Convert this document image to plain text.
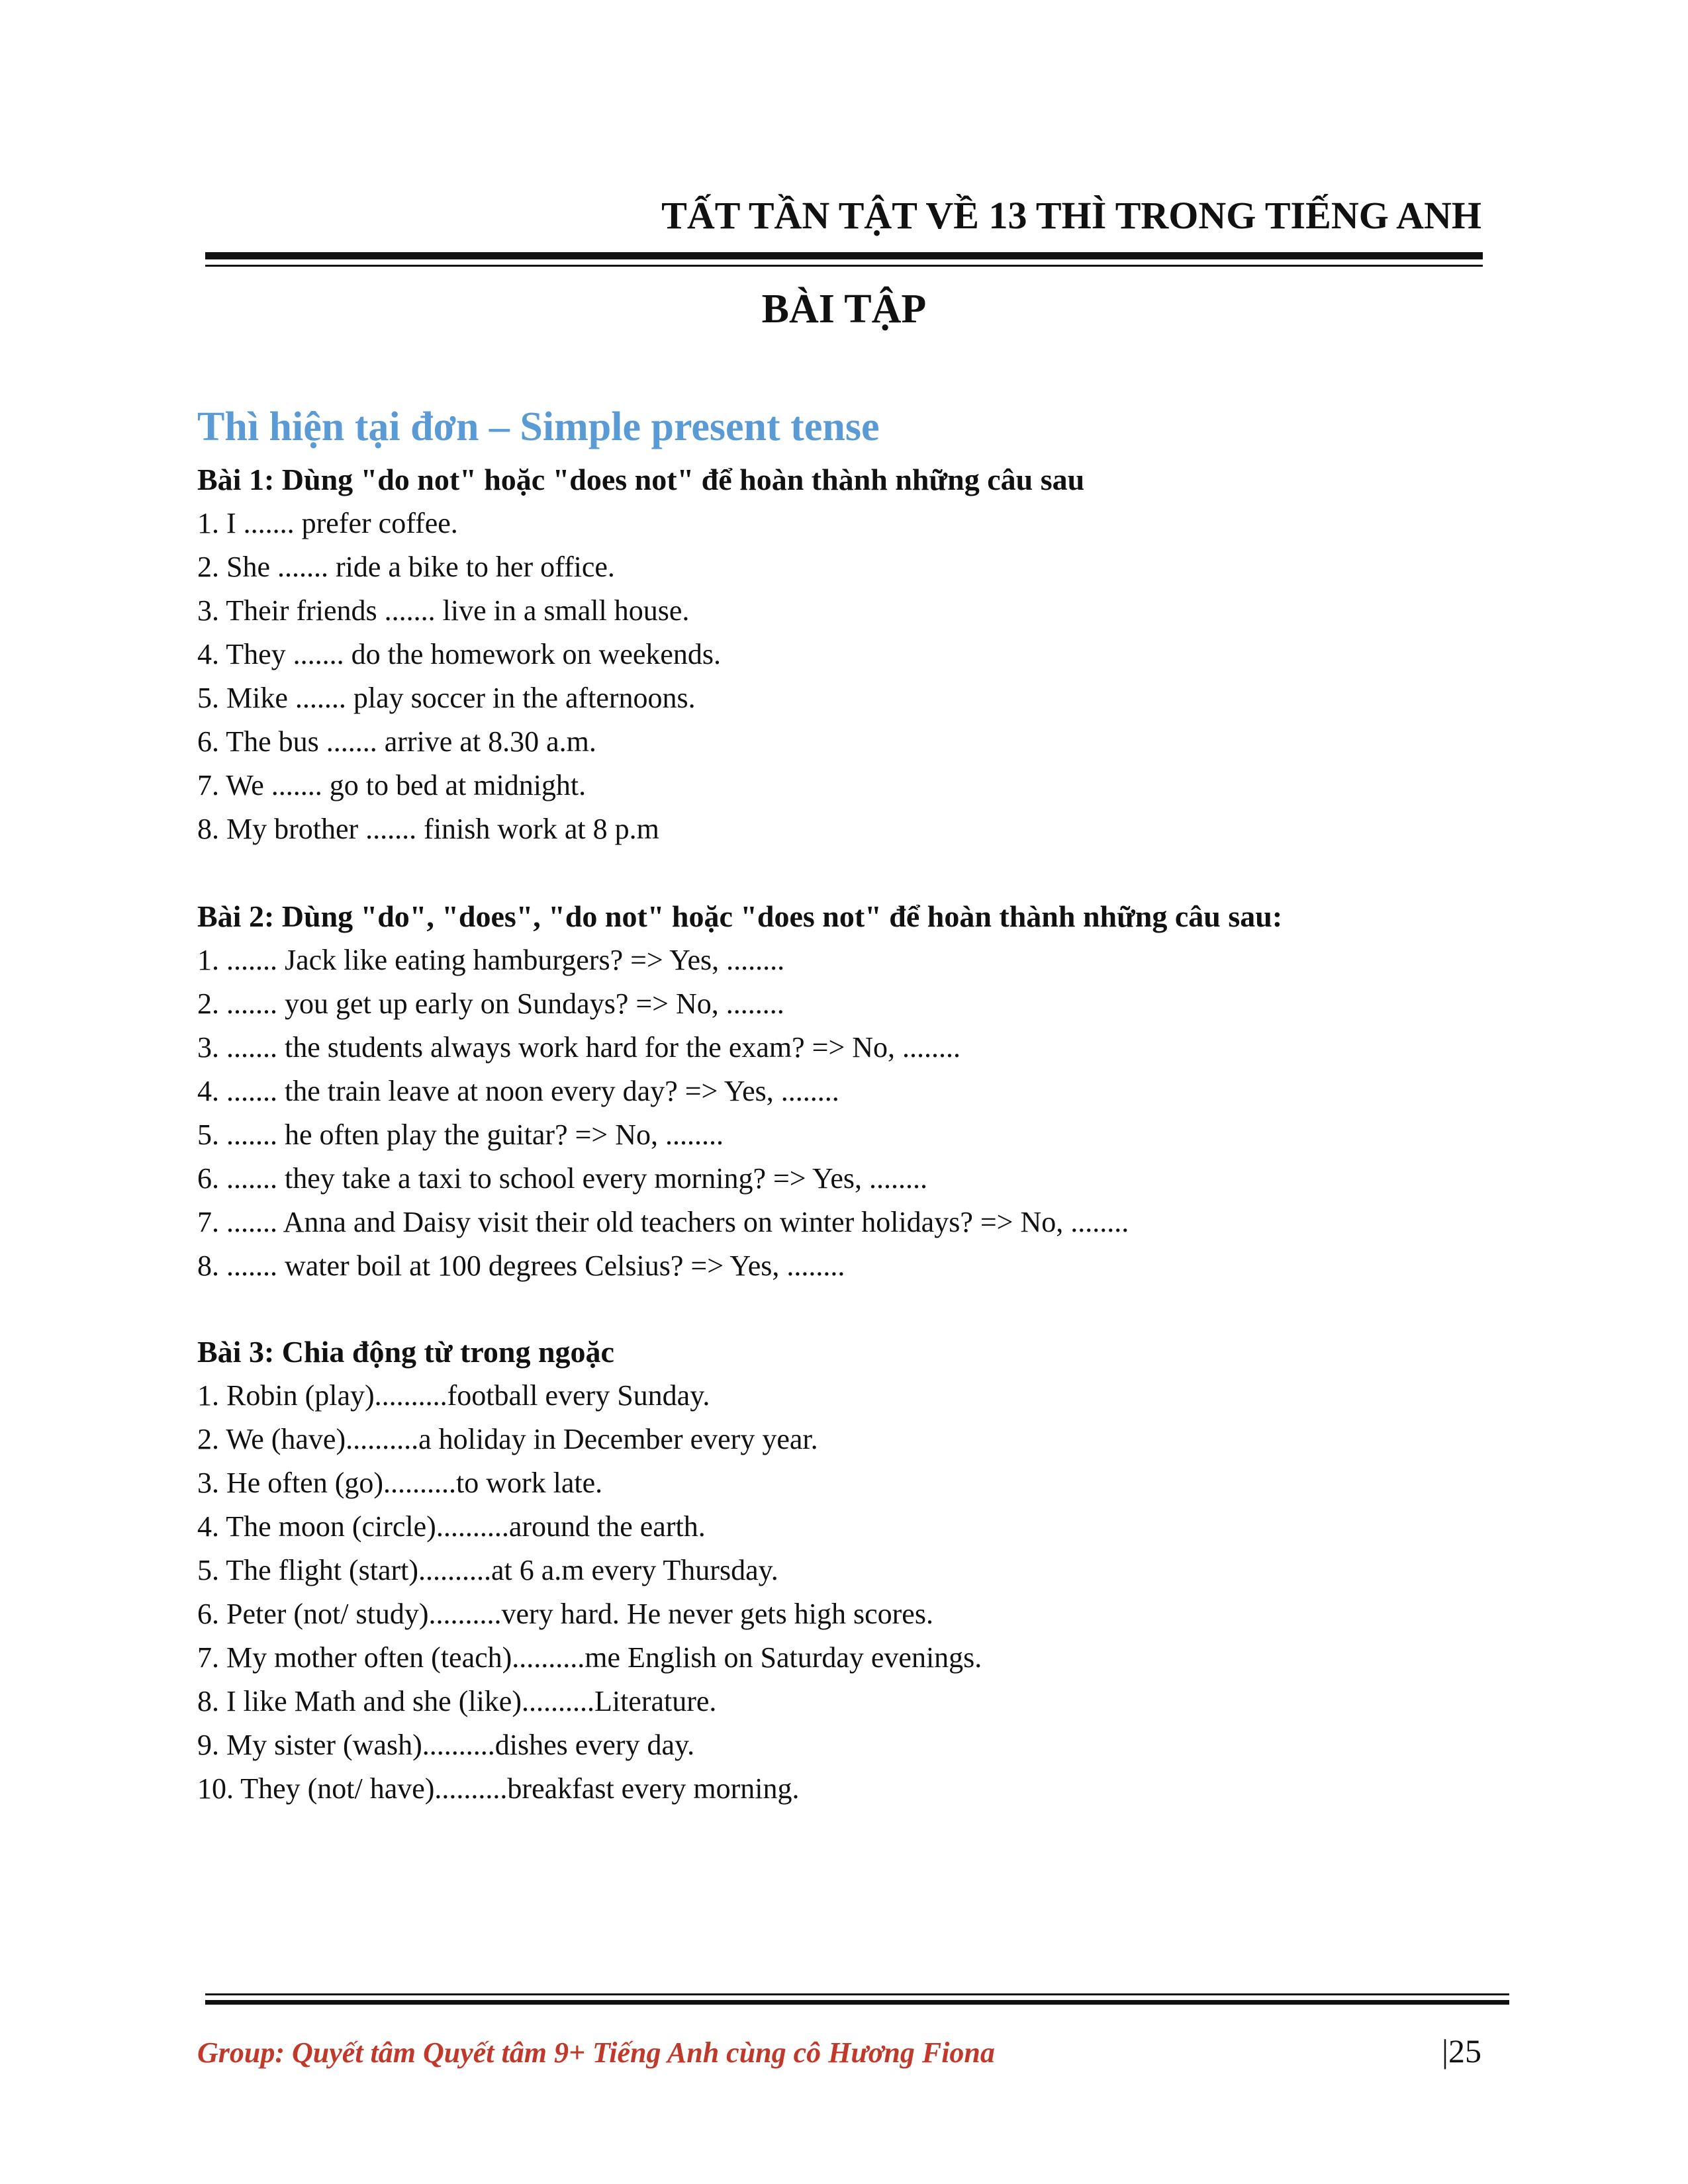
TẤT TẦN TẬT VỀ 13 THÌ TRONG TIẾNG ANH
BÀI TẬP
Thì hiện tại đơn – Simple present tense
Bài 1: Dùng "do not" hoặc "does not" để hoàn thành những câu sau
1. I ....... prefer coffee.
2. She ....... ride a bike to her office.
3. Their friends ....... live in a small house.
4. They ....... do the homework on weekends.
5. Mike ....... play soccer in the afternoons.
6. The bus ....... arrive at 8.30 a.m.
7. We ....... go to bed at midnight.
8. My brother ....... finish work at 8 p.m
Bài 2: Dùng "do", "does", "do not" hoặc "does not" để hoàn thành những câu sau:
1. ....... Jack like eating hamburgers? => Yes, ........
2. ....... you get up early on Sundays? => No, ........
3. ....... the students always work hard for the exam? => No, ........
4. ....... the train leave at noon every day? => Yes, ........
5. ....... he often play the guitar? => No, ........
6. ....... they take a taxi to school every morning? => Yes, ........
7. ....... Anna and Daisy visit their old teachers on winter holidays? => No, ........
8. ....... water boil at 100 degrees Celsius? => Yes, ........
Bài 3: Chia động từ trong ngoặc
1. Robin (play)..........football every Sunday.
2. We (have)..........a holiday in December every year.
3. He often (go)..........to work late.
4. The moon (circle)..........around the earth.
5. The flight (start)..........at 6 a.m every Thursday.
6. Peter (not/ study)..........very hard. He never gets high scores.
7. My mother often (teach)..........me English on Saturday evenings.
8. I like Math and she (like)..........Literature.
9. My sister (wash)..........dishes every day.
10. They (not/ have)..........breakfast every morning.
Group: Quyết tâm Quyết tâm 9+ Tiếng Anh cùng cô Hương Fiona	|25
